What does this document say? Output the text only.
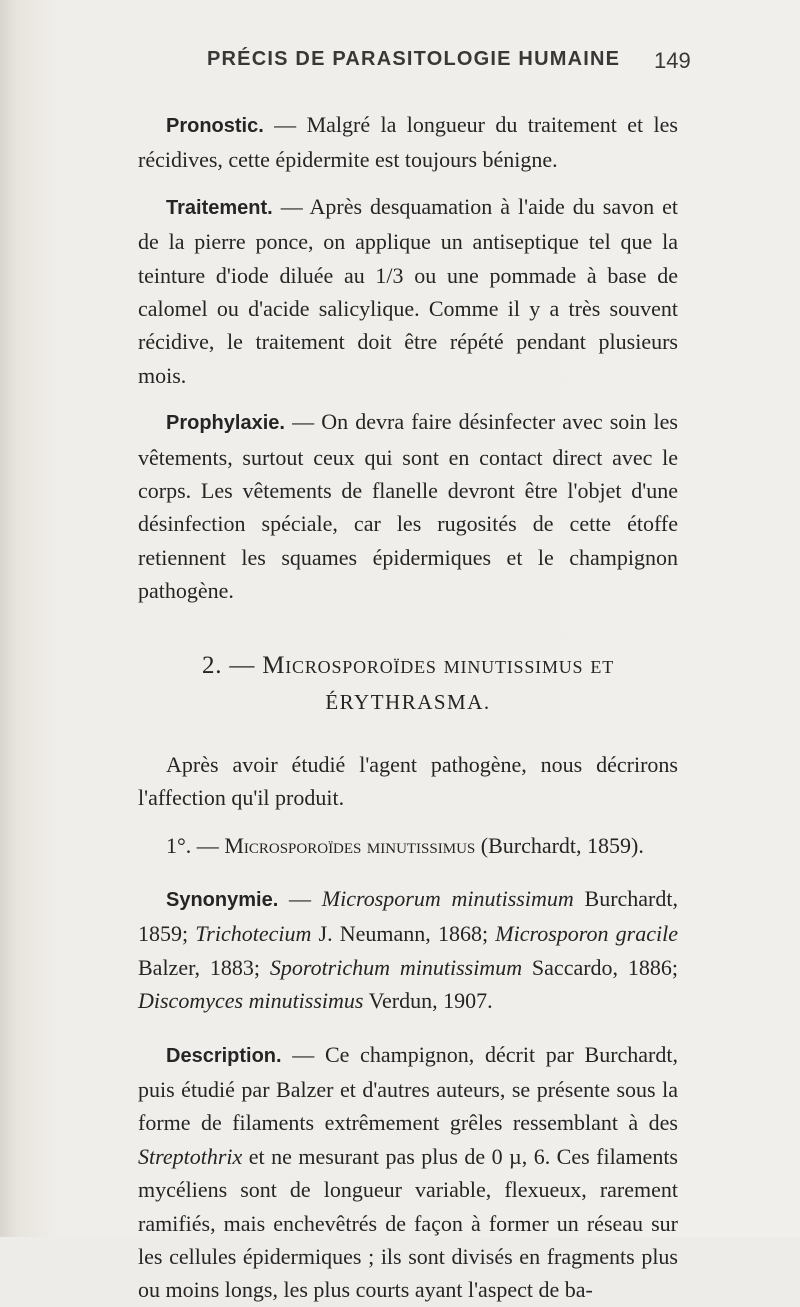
PRÉCIS DE PARASITOLOGIE HUMAINE 149

Pronostic. — Malgré la longueur du traitement et les récidives, cette épidermite est toujours bénigne.

Traitement. — Après desquamation à l'aide du savon et de la pierre ponce, on applique un antiseptique tel que la teinture d'iode diluée au 1/3 ou une pommade à base de calomel ou d'acide salicylique. Comme il y a très souvent récidive, le traitement doit être répété pendant plusieurs mois.

Prophylaxie. — On devra faire désinfecter avec soin les vêtements, surtout ceux qui sont en contact direct avec le corps. Les vêtements de flanelle devront être l'objet d'une désinfection spéciale, car les rugosités de cette étoffe retiennent les squames épidermiques et le champignon pathogène.

2. — Microsporoïdes minutissimus et
ÉRYTHRASMA.

Après avoir étudié l'agent pathogène, nous décrirons l'affection qu'il produit.

1°. — Microsporoïdes minutissimus (Burchardt, 1859).

Synonymie. — Microsporum minutissimum Burchardt, 1859; Trichotecium J. Neumann, 1868; Microsporon gracile Balzer, 1883; Sporotrichum minutissimum Saccardo, 1886; Discomyces minutissimus Verdun, 1907.

Description. — Ce champignon, décrit par Burchardt, puis étudié par Balzer et d'autres auteurs, se présente sous la forme de filaments extrêmement grêles ressemblant à des Streptothrix et ne mesurant pas plus de 0 µ, 6. Ces filaments mycéliens sont de longueur variable, flexueux, rarement ramifiés, mais enchevêtrés de façon à former un réseau sur les cellules épidermiques ; ils sont divisés en fragments plus ou moins longs, les plus courts ayant l'aspect de ba-
